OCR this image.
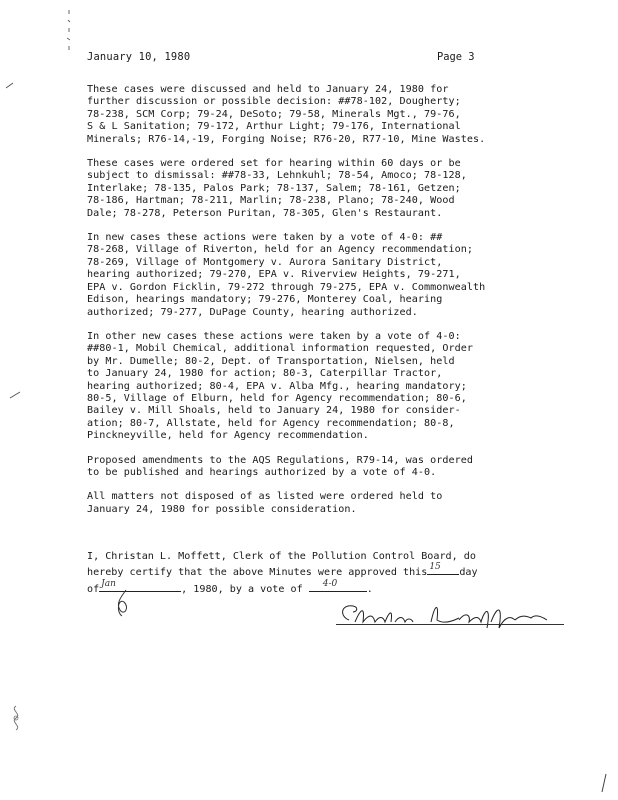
January 10, 1980	Page 3

These cases were discussed and held to January 24, 1980 for
further discussion or possible decision: ##78-102, Dougherty;
78-238, SCM Corp; 79-24, DeSoto; 79-58, Minerals Mgt., 79-76,
S & L Sanitation; 79-172, Arthur Light; 79-176, International
Minerals; R76-14,-19, Forging Noise; R76-20, R77-10, Mine Wastes.

These cases were ordered set for hearing within 60 days or be
subject to dismissal: ##78-33, Lehnkuhl; 78-54, Amoco; 78-128,
Interlake; 78-135, Palos Park; 78-137, Salem; 78-161, Getzen;
78-186, Hartman; 78-211, Marlin; 78-238, Plano; 78-240, Wood
Dale; 78-278, Peterson Puritan, 78-305, Glen's Restaurant.

In new cases these actions were taken by a vote of 4-0: ##
78-268, Village of Riverton, held for an Agency recommendation;
78-269, Village of Montgomery v. Aurora Sanitary District,
hearing authorized; 79-270, EPA v. Riverview Heights, 79-271,
EPA v. Gordon Ficklin, 79-272 through 79-275, EPA v. Commonwealth
Edison, hearings mandatory; 79-276, Monterey Coal, hearing
authorized; 79-277, DuPage County, hearing authorized.

In other new cases these actions were taken by a vote of 4-0:
##80-1, Mobil Chemical, additional information requested, Order
by Mr. Dumelle; 80-2, Dept. of Transportation, Nielsen, held
to January 24, 1980 for action; 80-3, Caterpillar Tractor,
hearing authorized; 80-4, EPA v. Alba Mfg., hearing mandatory;
80-5, Village of Elburn, held for Agency recommendation; 80-6,
Bailey v. Mill Shoals, held to January 24, 1980 for consider-
ation; 80-7, Allstate, held for Agency recommendation; 80-8,
Pinckneyville, held for Agency recommendation.

Proposed amendments to the AQS Regulations, R79-14, was ordered
to be published and hearings authorized by a vote of 4-0.

All matters not disposed of as listed were ordered held to
January 24, 1980 for possible consideration.

I, Christan L. Moffett, Clerk of the Pollution Control Board, do
hereby certify that the above Minutes were approved this 15 day
of Jan	, 1980, by a vote of 4-0	.
